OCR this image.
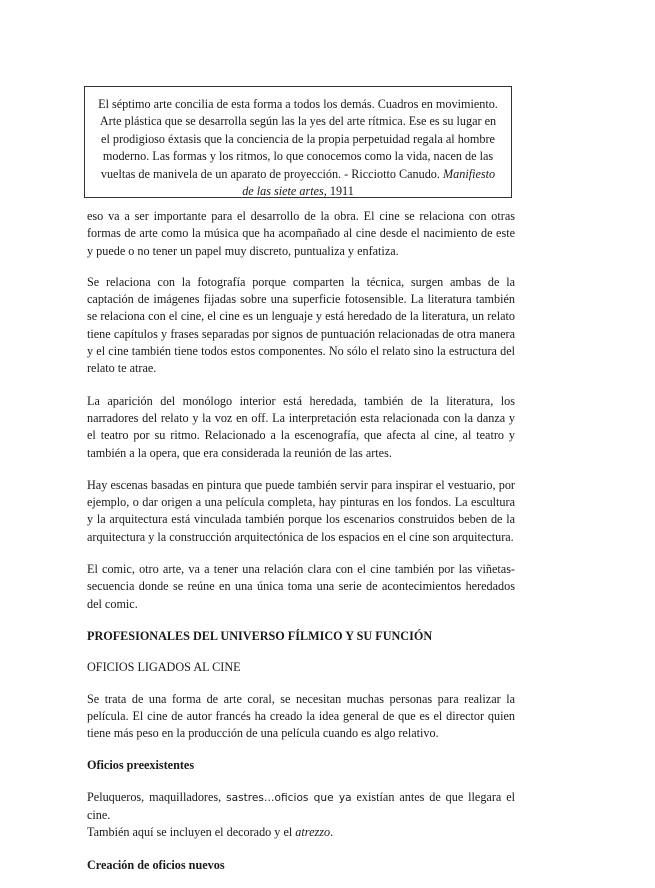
El séptimo arte concilia de esta forma a todos los demás. Cuadros en movimiento. Arte plástica que se desarrolla según las la yes del arte rítmica. Ese es su lugar en el prodigioso éxtasis que la conciencia de la propia perpetuidad regala al hombre moderno. Las formas y los ritmos, lo que conocemos como la vida, nacen de las vueltas de manivela de un aparato de proyección. - Ricciotto Canudo. Manifiesto de las siete artes, 1911

eso va a ser importante para el desarrollo de la obra. El cine se relaciona con otras formas de arte como la música que ha acompañado al cine desde el nacimiento de este y puede o no tener un papel muy discreto, puntualiza y enfatiza.

Se relaciona con la fotografía porque comparten la técnica, surgen ambas de la captación de imágenes fijadas sobre una superficie fotosensible. La literatura también se relaciona con el cine, el cine es un lenguaje y está heredado de la literatura, un relato tiene capítulos y frases separadas por signos de puntuación relacionadas de otra manera y el cine también tiene todos estos componentes. No sólo el relato sino la estructura del relato te atrae.

La aparición del monólogo interior está heredada, también de la literatura, los narradores del relato y la voz en off. La interpretación esta relacionada con la danza y el teatro por su ritmo. Relacionado a la escenografía, que afecta al cine, al teatro y también a la opera, que era considerada la reunión de las artes.

Hay escenas basadas en pintura que puede también servir para inspirar el vestuario, por ejemplo, o dar origen a una película completa, hay pinturas en los fondos. La escultura y la arquitectura está vinculada también porque los escenarios construidos beben de la arquitectura y la construcción arquitectónica de los espacios en el cine son arquitectura.

El comic, otro arte, va a tener una relación clara con el cine también por las viñetas-secuencia donde se reúne en una única toma una serie de acontecimientos heredados del comic.

PROFESIONALES DEL UNIVERSO FÍLMICO Y SU FUNCIÓN
OFICIOS LIGADOS AL CINE

Se trata de una forma de arte coral, se necesitan muchas personas para realizar la película. El cine de autor francés ha creado la idea general de que es el director quien tiene más peso en la producción de una película cuando es algo relativo.

Oficios preexistentes

Peluqueros, maquilladores, sastres…oficios que ya existían antes de que llegara el cine.
También aquí se incluyen el decorado y el atrezzo.

Creación de oficios nuevos
